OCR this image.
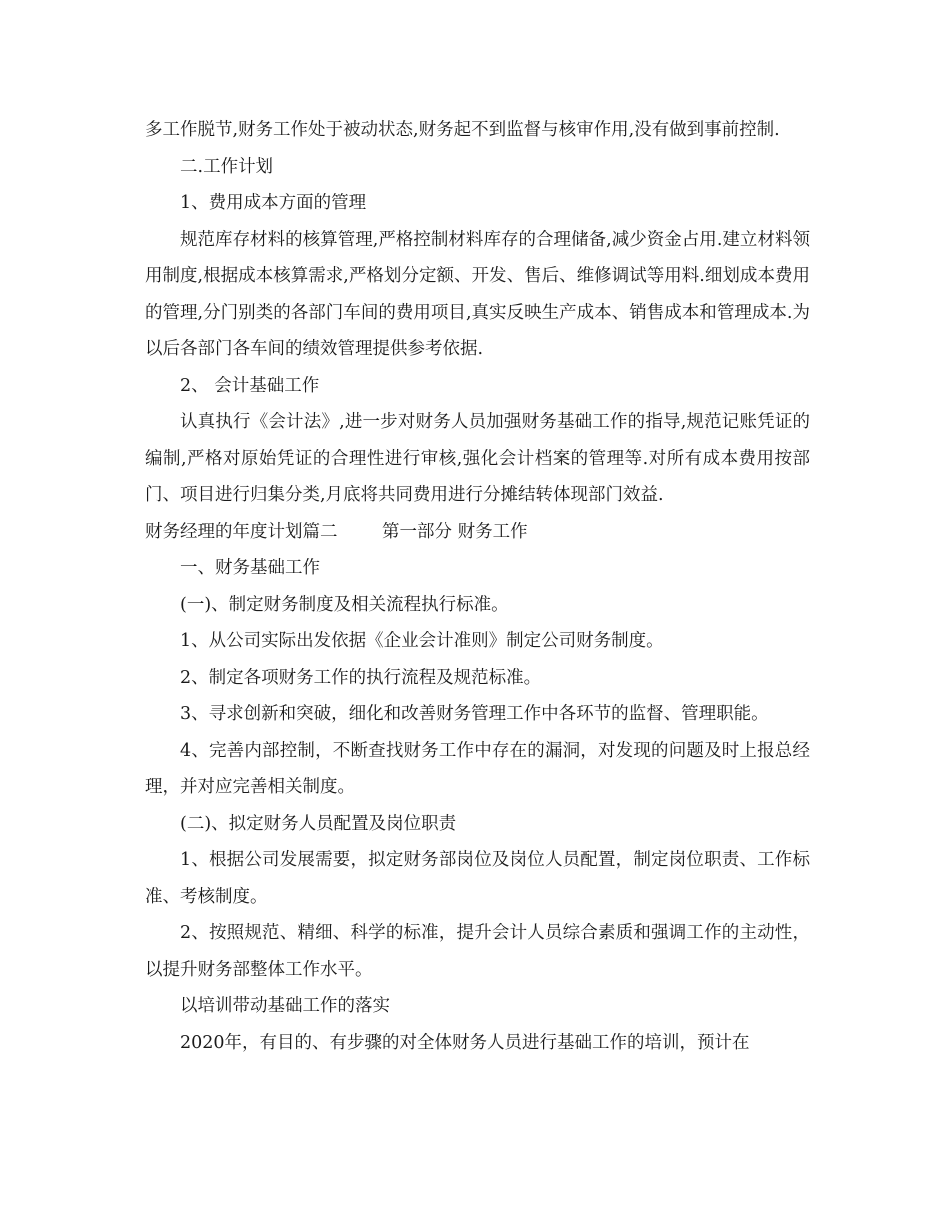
多工作脱节,财务工作处于被动状态,财务起不到监督与核审作用,没有做到事前控制.

二.工作计划

1、费用成本方面的管理

规范库存材料的核算管理,严格控制材料库存的合理储备,减少资金占用.建立材料领用制度,根据成本核算需求,严格划分定额、开发、售后、维修调试等用料.细划成本费用的管理,分门别类的各部门车间的费用项目,真实反映生产成本、销售成本和管理成本.为以后各部门各车间的绩效管理提供参考依据.

2、 会计基础工作

认真执行《会计法》,进一步对财务人员加强财务基础工作的指导,规范记账凭证的编制,严格对原始凭证的合理性进行审核,强化会计档案的管理等.对所有成本费用按部门、项目进行归集分类,月底将共同费用进行分摊结转体现部门效益.

财务经理的年度计划篇二        第一部分 财务工作

一、财务基础工作

(一)、制定财务制度及相关流程执行标准。

1、从公司实际出发依据《企业会计准则》制定公司财务制度。

2、制定各项财务工作的执行流程及规范标准。

3、寻求创新和突破，细化和改善财务管理工作中各环节的监督、管理职能。

4、完善内部控制，不断查找财务工作中存在的漏洞，对发现的问题及时上报总经理，并对应完善相关制度。

(二)、拟定财务人员配置及岗位职责

1、根据公司发展需要，拟定财务部岗位及岗位人员配置，制定岗位职责、工作标准、考核制度。

2、按照规范、精细、科学的标准，提升会计人员综合素质和强调工作的主动性，以提升财务部整体工作水平。

以培训带动基础工作的落实

2020年，有目的、有步骤的对全体财务人员进行基础工作的培训，预计在
